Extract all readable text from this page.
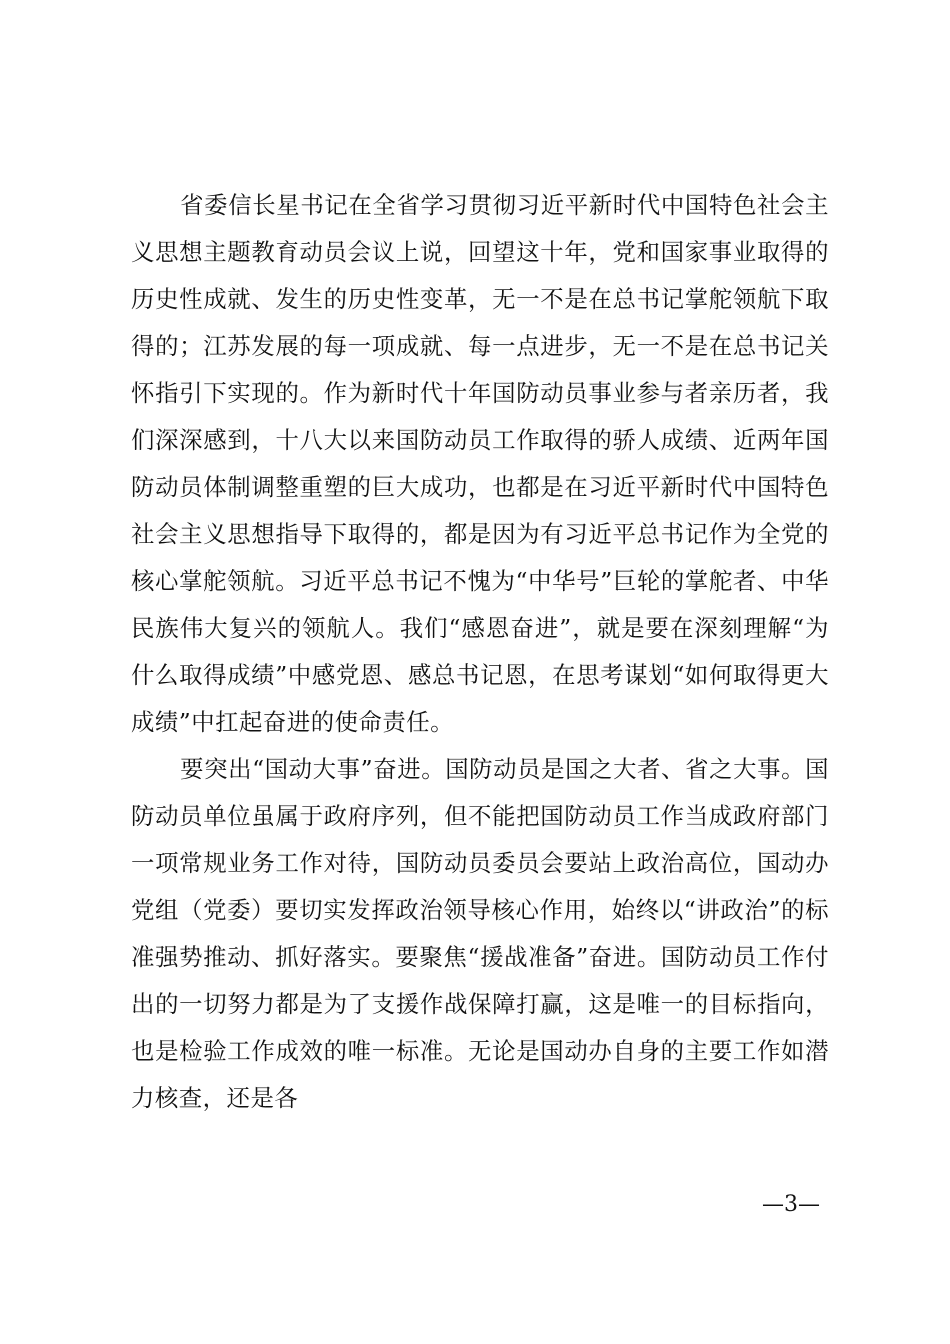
省委信长星书记在全省学习贯彻习近平新时代中国特色社会主义思想主题教育动员会议上说，回望这十年，党和国家事业取得的历史性成就、发生的历史性变革，无一不是在总书记掌舵领航下取得的；江苏发展的每一项成就、每一点进步，无一不是在总书记关怀指引下实现的。作为新时代十年国防动员事业参与者亲历者，我们深深感到，十八大以来国防动员工作取得的骄人成绩、近两年国防动员体制调整重塑的巨大成功，也都是在习近平新时代中国特色社会主义思想指导下取得的，都是因为有习近平总书记作为全党的核心掌舵领航。习近平总书记不愧为“中华号”巨轮的掌舵者、中华民族伟大复兴的领航人。我们“感恩奋进”，就是要在深刻理解“为什么取得成绩”中感党恩、感总书记恩，在思考谋划“如何取得更大成绩”中扛起奋进的使命责任。

要突出“国动大事”奋进。国防动员是国之大者、省之大事。国防动员单位虽属于政府序列，但不能把国防动员工作当成政府部门一项常规业务工作对待，国防动员委员会要站上政治高位，国动办党组（党委）要切实发挥政治领导核心作用，始终以“讲政治”的标准强势推动、抓好落实。要聚焦“援战准备”奋进。国防动员工作付出的一切努力都是为了支援作战保障打赢，这是唯一的目标指向，也是检验工作成效的唯一标准。无论是国动办自身的主要工作如潜力核查，还是各

—3—
